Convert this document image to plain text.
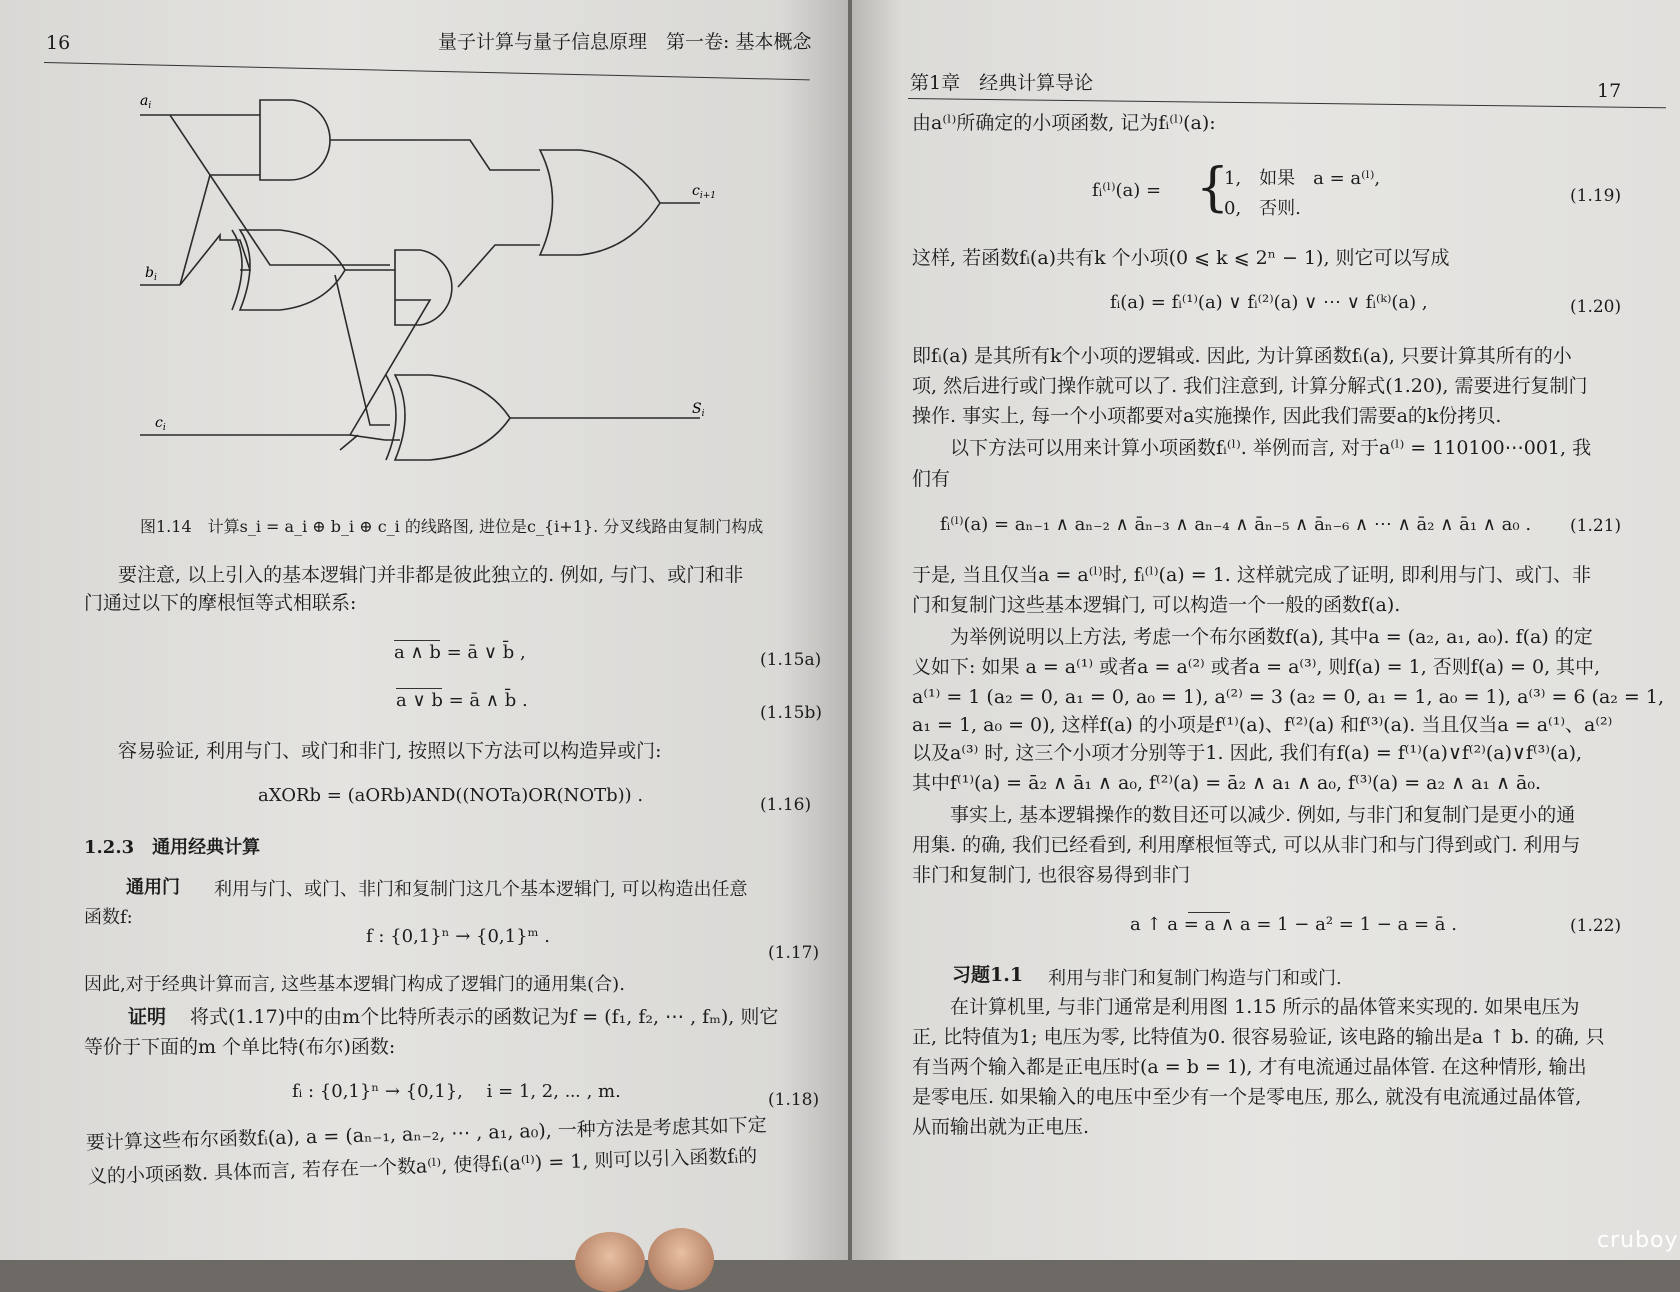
16	量子计算与量子信息原理　第一卷: 基本概念
$a_i$
$b_i$
$c_i$
$c_{i+1}$
$S_i$
图1.14　计算s_i = a_i ⊕ b_i ⊕ c_i 的线路图, 进位是c_{i+1}. 分叉线路由复制门构成
要注意, 以上引入的基本逻辑门并非都是彼此独立的. 例如, 与门、或门和非
门通过以下的摩根恒等式相联系:
a ∧ b = ā ∨ b̄ ,	(1.15a)
a ∨ b = ā ∧ b̄ .
(1.15b)
容易验证, 利用与门、或门和非门, 按照以下方法可以构造异或门:
aXORb = (aORb)AND((NOTa)OR(NOTb)) .	(1.16)
1.2.3　通用经典计算
通用门 利用与门、或门、非门和复制门这几个基本逻辑门, 可以构造出任意
函数f:
f : {0,1}ⁿ → {0,1}ᵐ .
(1.17)
因此,对于经典计算而言, 这些基本逻辑门构成了逻辑门的通用集(合).
证明 将式(1.17)中的由m个比特所表示的函数记为f = (f₁, f₂, ⋯ , fₘ), 则它
等价于下面的m 个单比特(布尔)函数:
fᵢ : {0,1}ⁿ → {0,1},　 i = 1, 2, ⋯ , m.	(1.18)
要计算这些布尔函数fᵢ(a), a = (aₙ₋₁, aₙ₋₂, ⋯ , a₁, a₀), 一种方法是考虑其如下定
义的小项函数. 具体而言, 若存在一个数a⁽ˡ⁾, 使得fᵢ(a⁽ˡ⁾) = 1, 则可以引入函数fᵢ的
第1章　经典计算导论	17
由a⁽ˡ⁾所确定的小项函数, 记为fᵢ⁽ˡ⁾(a):
fᵢ⁽ˡ⁾(a) = {
1,　如果　a = a⁽ˡ⁾,
0,　否则.
(1.19)
这样, 若函数fᵢ(a)共有k 个小项(0 ⩽ k ⩽ 2ⁿ − 1), 则它可以写成
fᵢ(a) = fᵢ⁽¹⁾(a) ∨ fᵢ⁽²⁾(a) ∨ ⋯ ∨ fᵢ⁽ᵏ⁾(a) ,	(1.20)
即fᵢ(a) 是其所有k个小项的逻辑或. 因此, 为计算函数fᵢ(a), 只要计算其所有的小
项, 然后进行或门操作就可以了. 我们注意到, 计算分解式(1.20), 需要进行复制门
操作. 事实上, 每一个小项都要对a实施操作, 因此我们需要a的k份拷贝.
以下方法可以用来计算小项函数fᵢ⁽ˡ⁾. 举例而言, 对于a⁽ˡ⁾ = 110100⋯001, 我
们有
fᵢ⁽ˡ⁾(a) = aₙ₋₁ ∧ aₙ₋₂ ∧ āₙ₋₃ ∧ aₙ₋₄ ∧ āₙ₋₅ ∧ āₙ₋₆ ∧ ⋯ ∧ ā₂ ∧ ā₁ ∧ a₀ . (1.21)
于是, 当且仅当a = a⁽ˡ⁾时, fᵢ⁽ˡ⁾(a) = 1. 这样就完成了证明, 即利用与门、或门、非
门和复制门这些基本逻辑门, 可以构造一个一般的函数f(a).
为举例说明以上方法, 考虑一个布尔函数f(a), 其中a = (a₂, a₁, a₀). f(a) 的定
义如下: 如果 a = a⁽¹⁾ 或者a = a⁽²⁾ 或者a = a⁽³⁾, 则f(a) = 1, 否则f(a) = 0, 其中,
a⁽¹⁾ = 1 (a₂ = 0, a₁ = 0, a₀ = 1), a⁽²⁾ = 3 (a₂ = 0, a₁ = 1, a₀ = 1), a⁽³⁾ = 6 (a₂ = 1,
a₁ = 1, a₀ = 0), 这样f(a) 的小项是f⁽¹⁾(a)、f⁽²⁾(a) 和f⁽³⁾(a). 当且仅当a = a⁽¹⁾、a⁽²⁾
以及a⁽³⁾ 时, 这三个小项才分别等于1. 因此, 我们有f(a) = f⁽¹⁾(a)∨f⁽²⁾(a)∨f⁽³⁾(a),
其中f⁽¹⁾(a) = ā₂ ∧ ā₁ ∧ a₀, f⁽²⁾(a) = ā₂ ∧ a₁ ∧ a₀, f⁽³⁾(a) = a₂ ∧ a₁ ∧ ā₀.
事实上, 基本逻辑操作的数目还可以减少. 例如, 与非门和复制门是更小的通
用集. 的确, 我们已经看到, 利用摩根恒等式, 可以从非门和与门得到或门. 利用与
非门和复制门, 也很容易得到非门
a ↑ a = a ∧ a = 1 − a² = 1 − a = ā .	(1.22)
习题1.1 利用与非门和复制门构造与门和或门.
在计算机里, 与非门通常是利用图 1.15 所示的晶体管来实现的. 如果电压为
正, 比特值为1; 电压为零, 比特值为0. 很容易验证, 该电路的输出是a ↑ b. 的确, 只
有当两个输入都是正电压时(a = b = 1), 才有电流通过晶体管. 在这种情形, 输出
是零电压. 如果输入的电压中至少有一个是零电压, 那么, 就没有电流通过晶体管,
从而输出就为正电压.
cruboy
